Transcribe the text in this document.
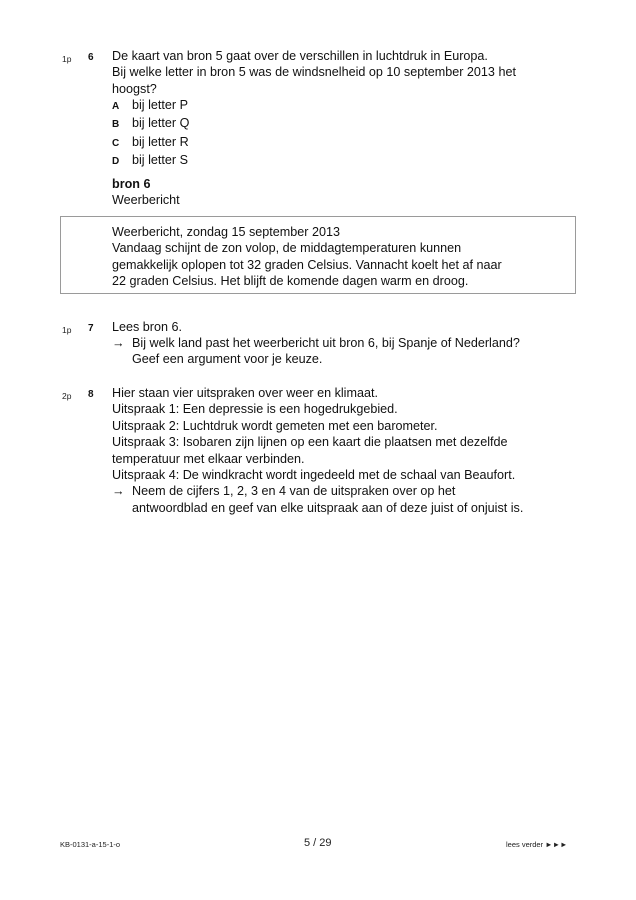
1p 6 De kaart van bron 5 gaat over de verschillen in luchtdruk in Europa.
Bij welke letter in bron 5 was de windsnelheid op 10 september 2013 het
hoogst?
A bij letter P
B bij letter Q
C bij letter R
D bij letter S
bron 6
Weerbericht
Weerbericht, zondag 15 september 2013
Vandaag schijnt de zon volop, de middagtemperaturen kunnen
gemakkelijk oplopen tot 32 graden Celsius. Vannacht koelt het af naar
22 graden Celsius. Het blijft de komende dagen warm en droog.
1p 7 Lees bron 6.
→ Bij welk land past het weerbericht uit bron 6, bij Spanje of Nederland?
Geef een argument voor je keuze.
2p 8 Hier staan vier uitspraken over weer en klimaat.
Uitspraak 1: Een depressie is een hogedrukgebied.
Uitspraak 2: Luchtdruk wordt gemeten met een barometer.
Uitspraak 3: Isobaren zijn lijnen op een kaart die plaatsen met dezelfde
temperatuur met elkaar verbinden.
Uitspraak 4: De windkracht wordt ingedeeld met de schaal van Beaufort.
→ Neem de cijfers 1, 2, 3 en 4 van de uitspraken over op het
antwoordblad en geef van elke uitspraak aan of deze juist of onjuist is.
KB-0131-a-15-1-o	5 / 29	lees verder ►►►
